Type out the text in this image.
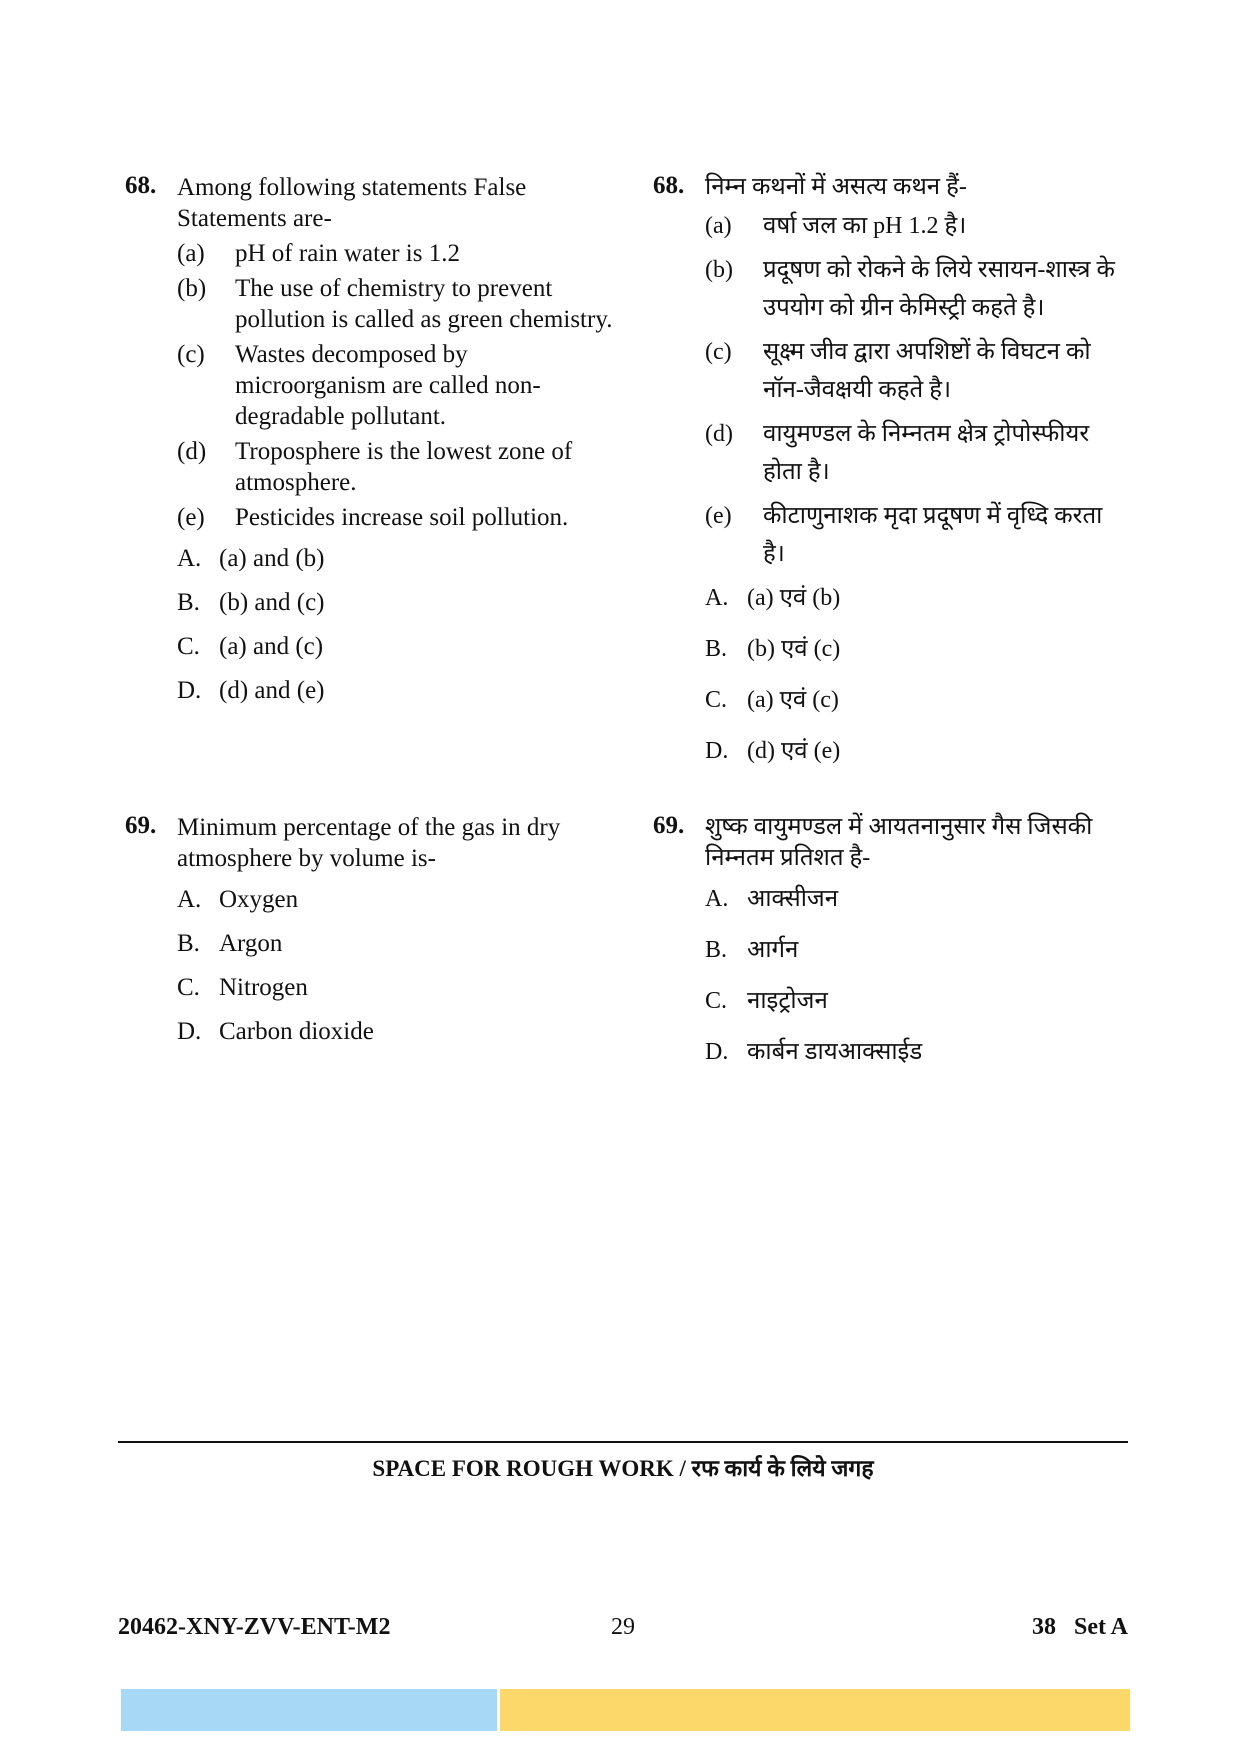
68. Among following statements False Statements are-
(a)	pH of rain water is 1.2
(b)	The use of chemistry to prevent pollution is called as green chemistry.
(c)	Wastes decomposed by microorganism are called non-degradable pollutant.
(d)	Troposphere is the lowest zone of atmosphere.
(e)	Pesticides increase soil pollution.
A. (a) and (b)
B. (b) and (c)
C. (a) and (c)
D. (d) and (e)
69. Minimum percentage of the gas in dry atmosphere by volume is-
A. Oxygen
B. Argon
C. Nitrogen
D. Carbon dioxide
68. निम्न कथनों में असत्य कथन हैं-
(a)	वर्षा जल का pH 1.2 है।
(b)	प्रदूषण को रोकने के लिये रसायन-शास्त्र के उपयोग को ग्रीन केमिस्ट्री कहते है।
(c)	सूक्ष्म जीव द्वारा अपशिष्टों के विघटन को नॉन-जैवक्षयी कहते है।
(d)	वायुमण्डल के निम्नतम क्षेत्र ट्रोपोस्फीयर होता है।
(e)	कीटाणुनाशक मृदा प्रदूषण में वृध्दि करता है।
A. (a) एवं (b)
B. (b) एवं (c)
C. (a) एवं (c)
D. (d) एवं (e)
69. शुष्क वायुमण्डल में आयतनानुसार गैस जिसकी निम्नतम प्रतिशत है-
A. आक्सीजन
B. आर्गन
C. नाइट्रोजन
D. कार्बन डायआक्साईड
SPACE FOR ROUGH WORK / रफ कार्य के लिये जगह
20462-XNY-ZVV-ENT-M2	29	38   Set A
